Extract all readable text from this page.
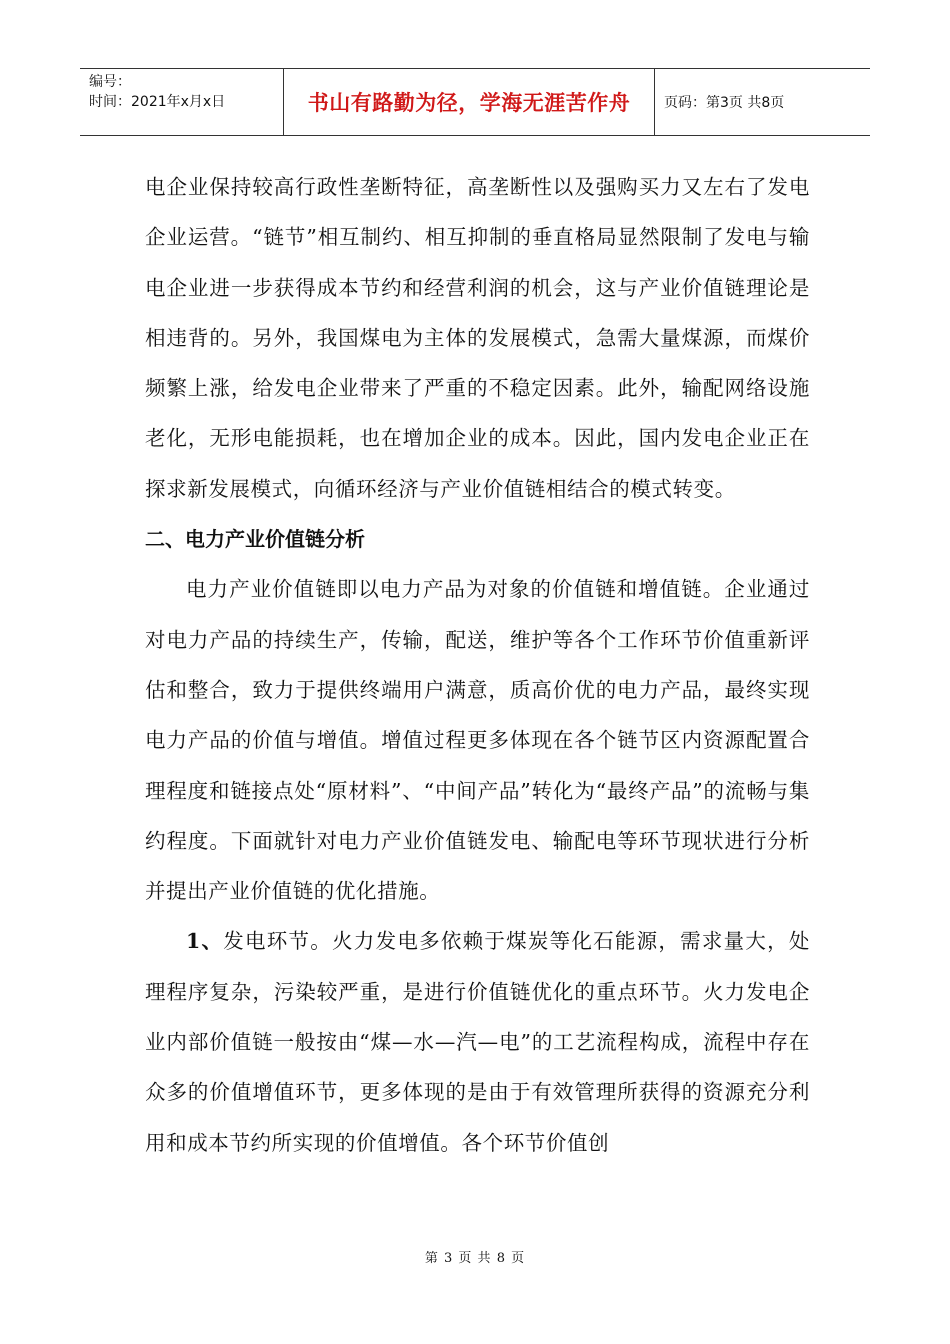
编号：
时间：2021年x月x日	书山有路勤为径，学海无涯苦作舟	页码：第3页 共8页

电企业保持较高行政性垄断特征，高垄断性以及强购买力又左右了发电企业运营。“链节”相互制约、相互抑制的垂直格局显然限制了发电与输电企业进一步获得成本节约和经营利润的机会，这与产业价值链理论是相违背的。另外，我国煤电为主体的发展模式，急需大量煤源，而煤价频繁上涨，给发电企业带来了严重的不稳定因素。此外，输配网络设施老化，无形电能损耗，也在增加企业的成本。因此，国内发电企业正在探求新发展模式，向循环经济与产业价值链相结合的模式转变。

二、电力产业价值链分析

电力产业价值链即以电力产品为对象的价值链和增值链。企业通过对电力产品的持续生产，传输，配送，维护等各个工作环节价值重新评估和整合，致力于提供终端用户满意，质高价优的电力产品，最终实现电力产品的价值与增值。增值过程更多体现在各个链节区内资源配置合理程度和链接点处“原材料”、“中间产品”转化为“最终产品”的流畅与集约程度。下面就针对电力产业价值链发电、输配电等环节现状进行分析并提出产业价值链的优化措施。

1、发电环节。火力发电多依赖于煤炭等化石能源，需求量大，处理程序复杂，污染较严重，是进行价值链优化的重点环节。火力发电企业内部价值链一般按由“煤—水—汽—电”的工艺流程构成，流程中存在众多的价值增值环节，更多体现的是由于有效管理所获得的资源充分利用和成本节约所实现的价值增值。各个环节价值创

第 3 页 共 8 页
